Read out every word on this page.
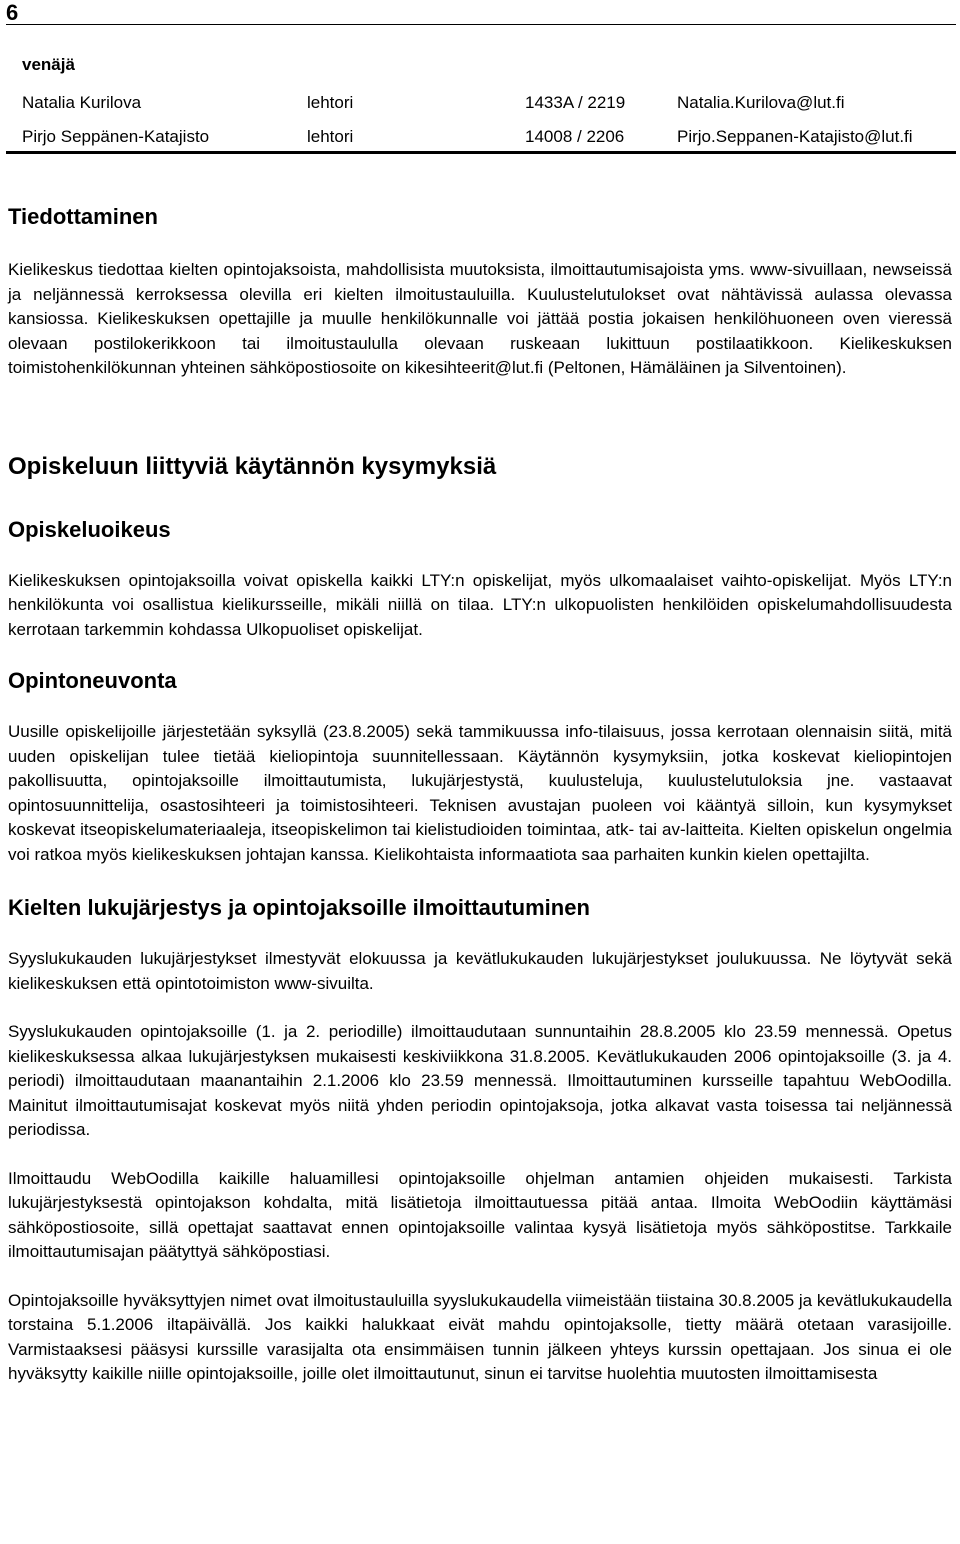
6
venäjä
Natalia Kurilova	lehtori	1433A / 2219	Natalia.Kurilova@lut.fi
Pirjo Seppänen-Katajisto	lehtori	14008 / 2206	Pirjo.Seppanen-Katajisto@lut.fi
Tiedottaminen

Kielikeskus tiedottaa kielten opintojaksoista, mahdollisista muutoksista, ilmoittautumisajoista yms. www-sivuillaan, newseissä ja neljännessä kerroksessa olevilla eri kielten ilmoitustauluilla. Kuulustelutulokset ovat nähtävissä aulassa olevassa kansiossa. Kielikeskuksen opettajille ja muulle henkilökunnalle voi jättää postia jokaisen henkilöhuoneen oven vieressä olevaan postilokerikkoon tai ilmoitustaululla olevaan ruskeaan lukittuun postilaatikkoon. Kielikeskuksen toimistohenkilökunnan yhteinen sähköpostiosoite on kikesihteerit@lut.fi (Peltonen, Hämäläinen ja Silventoinen).

Opiskeluun liittyviä käytännön kysymyksiä
Opiskeluoikeus

Kielikeskuksen opintojaksoilla voivat opiskella kaikki LTY:n opiskelijat, myös ulkomaalaiset vaihto-opiskelijat. Myös LTY:n henkilökunta voi osallistua kielikursseille, mikäli niillä on tilaa. LTY:n ulkopuolisten henkilöiden opiskelumahdollisuudesta kerrotaan tarkemmin kohdassa Ulkopuoliset opiskelijat.

Opintoneuvonta

Uusille opiskelijoille järjestetään syksyllä (23.8.2005) sekä tammikuussa info-tilaisuus, jossa kerrotaan olennaisin siitä, mitä uuden opiskelijan tulee tietää kieliopintoja suunnitellessaan. Käytännön kysymyksiin, jotka koskevat kieliopintojen pakollisuutta, opintojaksoille ilmoittautumista, lukujärjestystä, kuulusteluja, kuulustelutuloksia jne. vastaavat opintosuunnittelija, osastosihteeri ja toimistosihteeri. Teknisen avustajan puoleen voi kääntyä silloin, kun kysymykset koskevat itseopiskelumateriaaleja, itseopiskelimon tai kielistudioiden toimintaa, atk- tai av-laitteita. Kielten opiskelun ongelmia voi ratkoa myös kielikeskuksen johtajan kanssa. Kielikohtaista informaatiota saa parhaiten kunkin kielen opettajilta.

Kielten lukujärjestys ja opintojaksoille ilmoittautuminen

Syyslukukauden lukujärjestykset ilmestyvät elokuussa ja kevätlukukauden lukujärjestykset joulukuussa. Ne löytyvät sekä kielikeskuksen että opintotoimiston www-sivuilta.

Syyslukukauden opintojaksoille (1. ja 2. periodille) ilmoittaudutaan sunnuntaihin 28.8.2005 klo 23.59 mennessä. Opetus kielikeskuksessa alkaa lukujärjestyksen mukaisesti keskiviikkona 31.8.2005. Kevätlukukauden 2006 opintojaksoille (3. ja 4. periodi) ilmoittaudutaan maanantaihin 2.1.2006 klo 23.59 mennessä. Ilmoittautuminen kursseille tapahtuu WebOodilla. Mainitut ilmoittautumisajat koskevat myös niitä yhden periodin opintojaksoja, jotka alkavat vasta toisessa tai neljännessä periodissa.

Ilmoittaudu WebOodilla kaikille haluamillesi opintojaksoille ohjelman antamien ohjeiden mukaisesti. Tarkista lukujärjestyksestä opintojakson kohdalta, mitä lisätietoja ilmoittautuessa pitää antaa. Ilmoita WebOodiin käyttämäsi sähköpostiosoite, sillä opettajat saattavat ennen opintojaksoille valintaa kysyä lisätietoja myös sähköpostitse. Tarkkaile ilmoittautumisajan päätyttyä sähköpostiasi.

Opintojaksoille hyväksyttyjen nimet ovat ilmoitustauluilla syyslukukaudella viimeistään tiistaina 30.8.2005 ja kevätlukukaudella torstaina 5.1.2006 iltapäivällä. Jos kaikki halukkaat eivät mahdu opintojaksolle, tietty määrä otetaan varasijoille. Varmistaaksesi pääsysi kurssille varasijalta ota ensimmäisen tunnin jälkeen yhteys kurssin opettajaan. Jos sinua ei ole hyväksytty kaikille niille opintojaksoille, joille olet ilmoittautunut, sinun ei tarvitse huolehtia muutosten ilmoittamisesta
